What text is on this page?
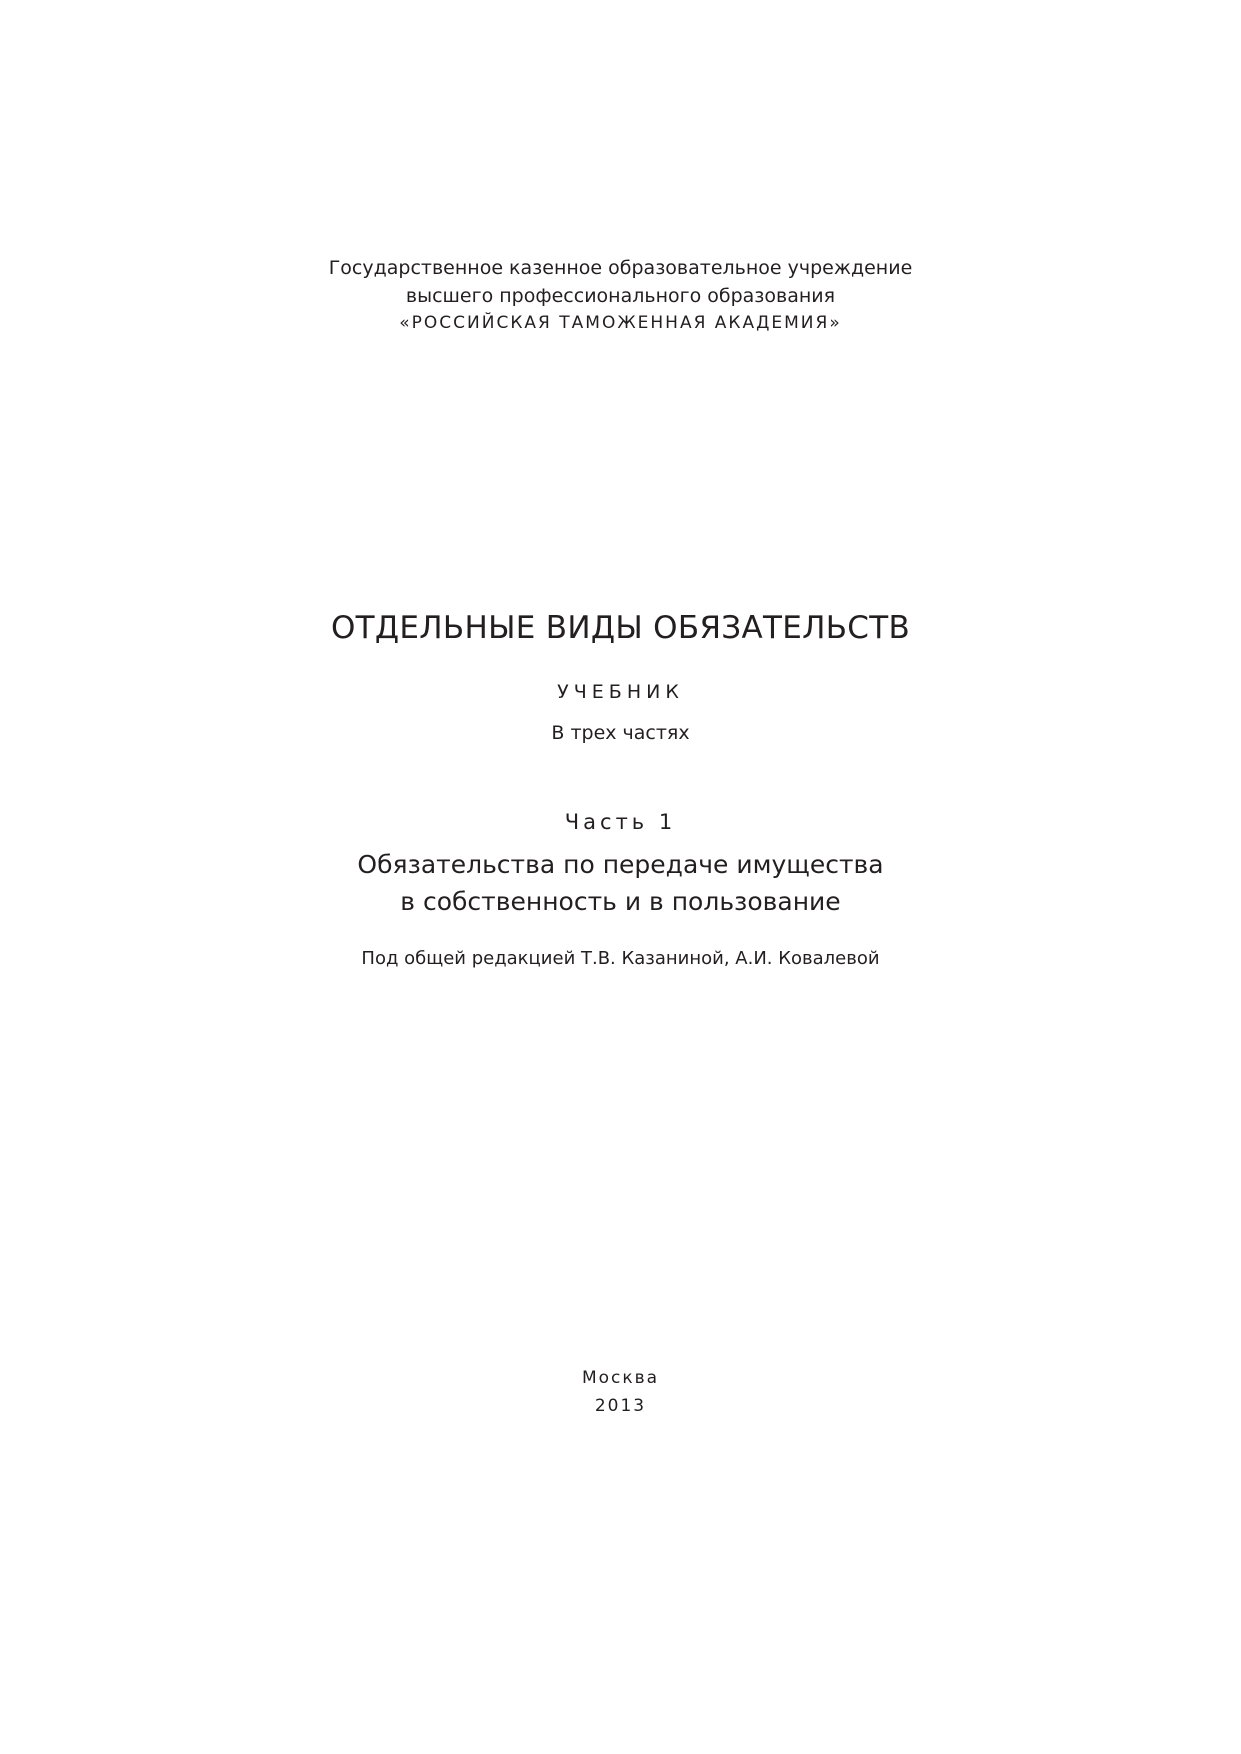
Государственное казенное образовательное учреждение
высшего профессионального образования
«РОССИЙСКАЯ ТАМОЖЕННАЯ АКАДЕМИЯ»
ОТДЕЛЬНЫЕ ВИДЫ ОБЯЗАТЕЛЬСТВ
УЧЕБНИК
В трех частях
Часть 1
Обязательства по передаче имущества
в собственность и в пользование
Под общей редакцией Т.В. Казаниной, А.И. Ковалевой
Москва
2013
